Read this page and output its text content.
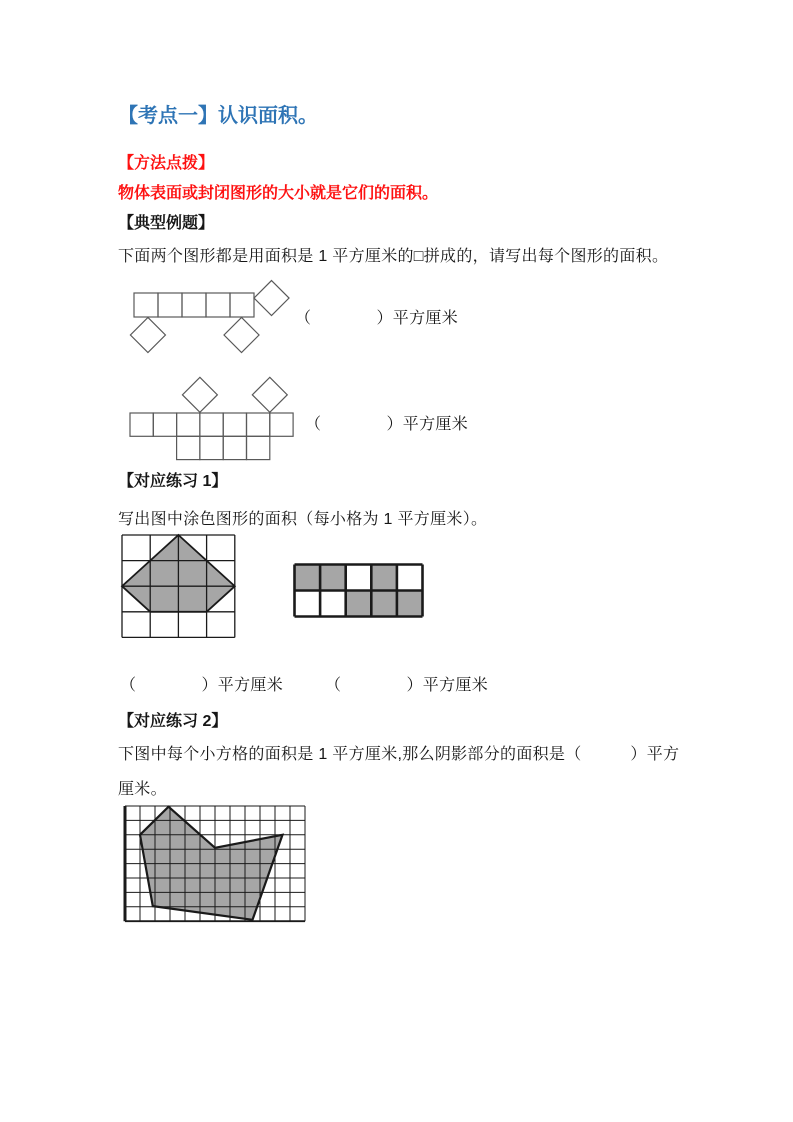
【考点一】认识面积。
【方法点拨】
物体表面或封闭图形的大小就是它们的面积。
【典型例题】
下面两个图形都是用面积是 1 平方厘米的□拼成的，请写出每个图形的面积。
（　　　　）平方厘米
（　　　　）平方厘米
【对应练习 1】
写出图中涂色图形的面积（每小格为 1 平方厘米）。
（　　　　）平方厘米	（　　　　）平方厘米
【对应练习 2】
下图中每个小方格的面积是 1 平方厘米,那么阴影部分的面积是（　　　）平方
厘米。
